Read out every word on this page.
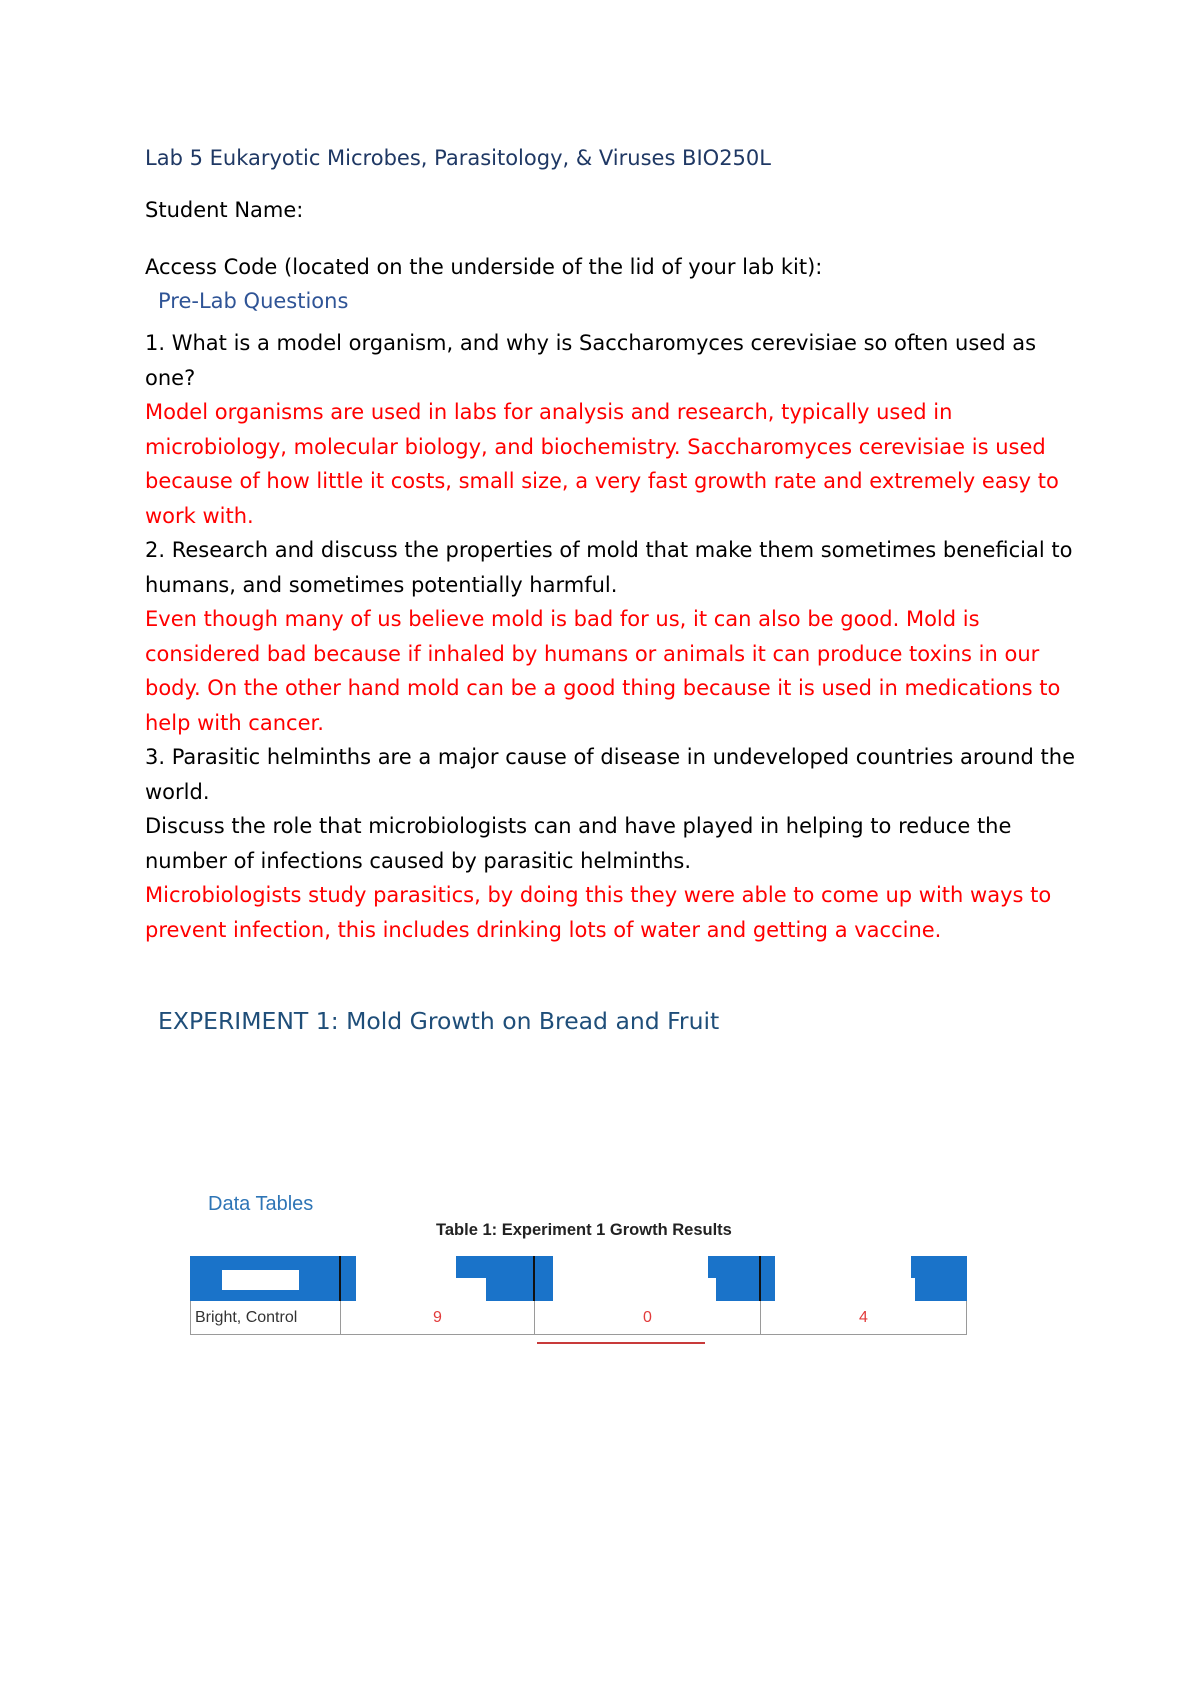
Lab 5 Eukaryotic Microbes, Parasitology, & Viruses BIO250L
Student Name:
Access Code (located on the underside of the lid of your lab kit):
Pre-Lab Questions

1. What is a model organism, and why is Saccharomyces cerevisiae so often used as one?

Model organisms are used in labs for analysis and research, typically used in microbiology, molecular biology, and biochemistry. Saccharomyces cerevisiae is used because of how little it costs, small size, a very fast growth rate and extremely easy to work with.

2. Research and discuss the properties of mold that make them sometimes beneficial to humans, and sometimes potentially harmful.

Even though many of us believe mold is bad for us, it can also be good. Mold is considered bad because if inhaled by humans or animals it can produce toxins in our body. On the other hand mold can be a good thing because it is used in medications to help with cancer.

3. Parasitic helminths are a major cause of disease in undeveloped countries around the world.

Discuss the role that microbiologists can and have played in helping to reduce the number of infections caused by parasitic helminths.

Microbiologists study parasitics, by doing this they were able to come up with ways to prevent infection, this includes drinking lots of water and getting a vaccine.

EXPERIMENT 1: Mold Growth on Bread and Fruit
Data Tables
Table 1: Experiment 1 Growth Results
Bright, Control	9	0	4
